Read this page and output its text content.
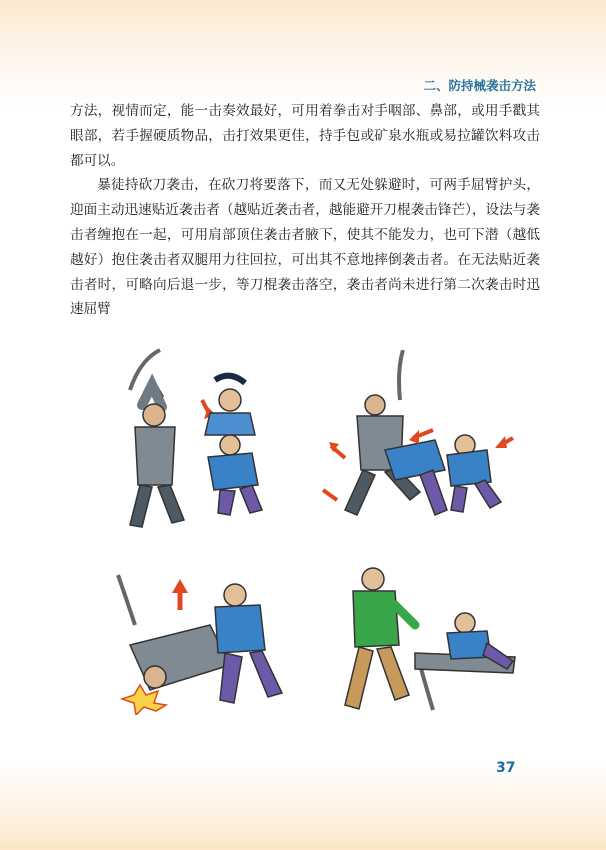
二、防持械袭击方法

方法，视情而定，能一击奏效最好，可用着拳击对手咽部、鼻部，或用手戳其眼部，若手握硬质物品，击打效果更佳，持手包或矿泉水瓶或易拉罐饮料攻击都可以。

暴徒持砍刀袭击，在砍刀将要落下，而又无处躲避时，可两手屈臂护头，迎面主动迅速贴近袭击者（越贴近袭击者，越能避开刀棍袭击锋芒），设法与袭击者缠抱在一起，可用肩部顶住袭击者腋下，使其不能发力，也可下潜（越低越好）抱住袭击者双腿用力往回拉，可出其不意地摔倒袭击者。在无法贴近袭击者时，可略向后退一步，等刀棍袭击落空，袭击者尚未进行第二次袭击时迅速屈臂

37
